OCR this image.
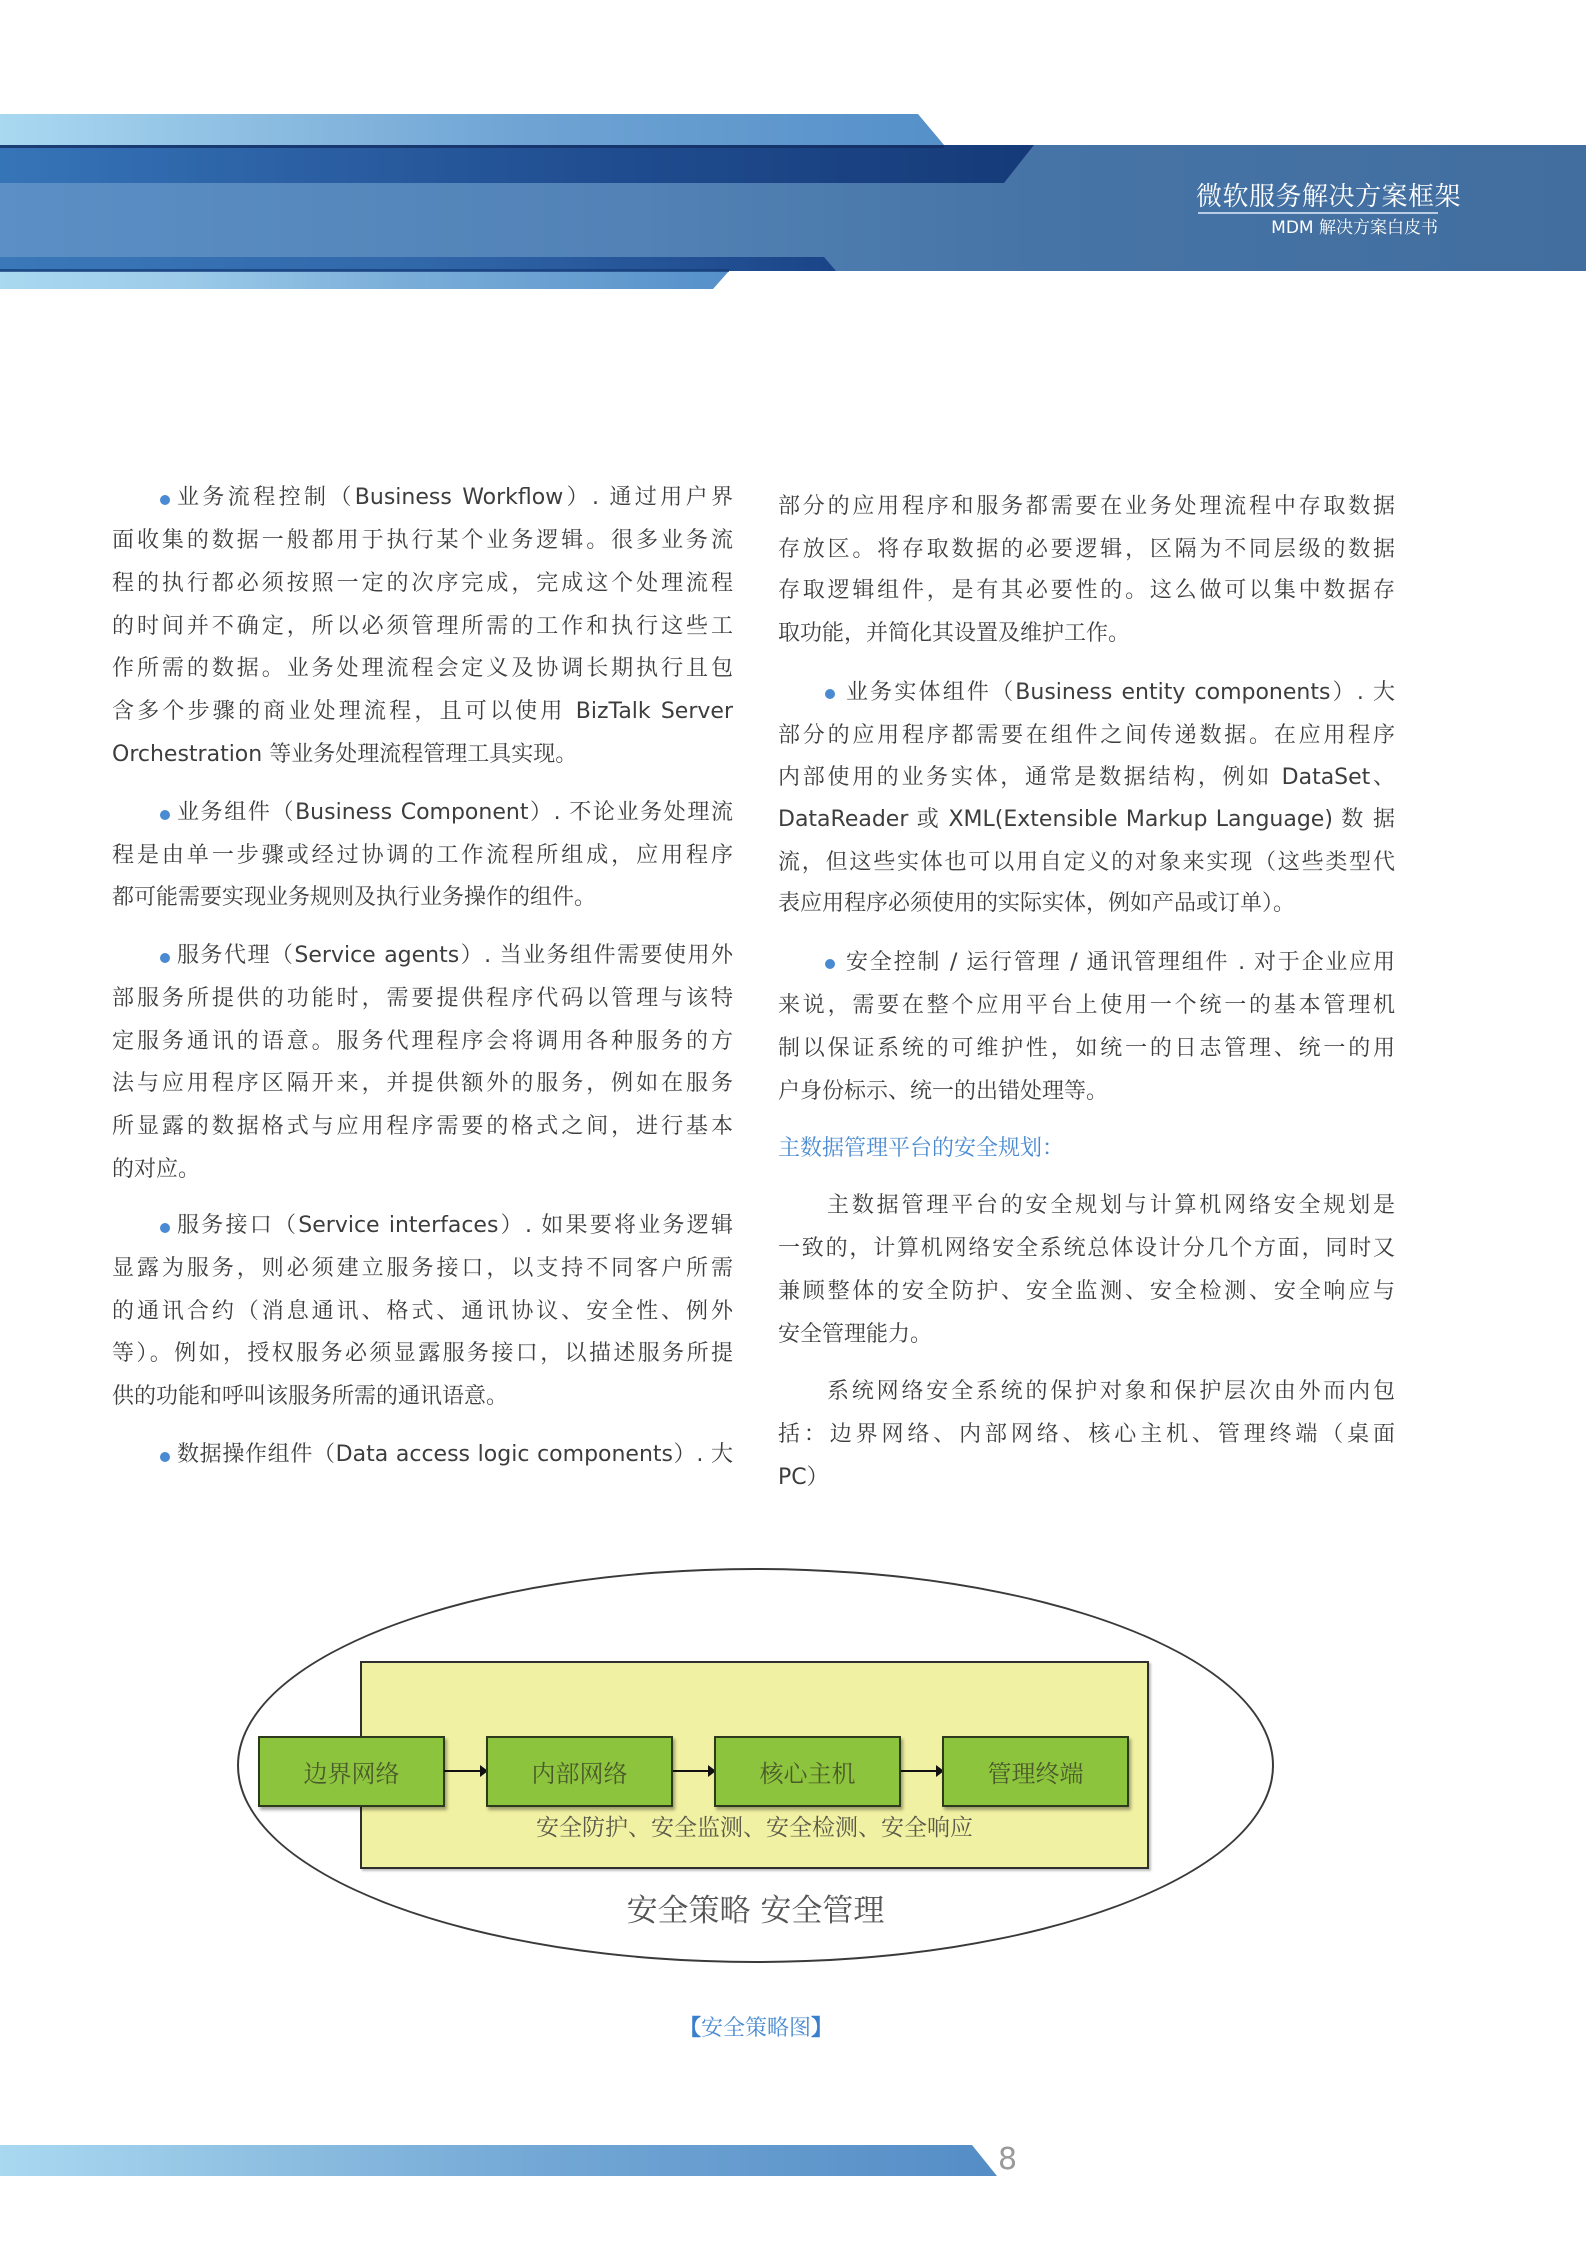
微软服务解决方案框架
MDM 解决方案白皮书
业务流程控制（Business Workflow）. 通过用户界
面收集的数据一般都用于执行某个业务逻辑。很多业务流
程的执行都必须按照一定的次序完成，完成这个处理流程
的时间并不确定，所以必须管理所需的工作和执行这些工
作所需的数据。业务处理流程会定义及协调长期执行且包
含多个步骤的商业处理流程，且可以使用 BizTalk Server
Orchestration 等业务处理流程管理工具实现。
业务组件（Business Component）. 不论业务处理流
程是由单一步骤或经过协调的工作流程所组成，应用程序
都可能需要实现业务规则及执行业务操作的组件。
服务代理（Service agents）. 当业务组件需要使用外
部服务所提供的功能时，需要提供程序代码以管理与该特
定服务通讯的语意。服务代理程序会将调用各种服务的方
法与应用程序区隔开来，并提供额外的服务，例如在服务
所显露的数据格式与应用程序需要的格式之间，进行基本
的对应。
服务接口（Service interfaces）. 如果要将业务逻辑
显露为服务，则必须建立服务接口，以支持不同客户所需
的通讯合约（消息通讯、格式、通讯协议、安全性、例外
等）。例如，授权服务必须显露服务接口，以描述服务所提
供的功能和呼叫该服务所需的通讯语意。
数据操作组件（Data access logic components）. 大
部分的应用程序和服务都需要在业务处理流程中存取数据
存放区。将存取数据的必要逻辑，区隔为不同层级的数据
存取逻辑组件，是有其必要性的。这么做可以集中数据存
取功能，并简化其设置及维护工作。
业务实体组件（Business entity components）. 大
部分的应用程序都需要在组件之间传递数据。在应用程序
内部使用的业务实体，通常是数据结构，例如 DataSet、
DataReader 或 XML(Extensible Markup Language) 数 据
流，但这些实体也可以用自定义的对象来实现（这些类型代
表应用程序必须使用的实际实体，例如产品或订单）。
安全控制 / 运行管理 / 通讯管理组件 . 对于企业应用
来说，需要在整个应用平台上使用一个统一的基本管理机
制以保证系统的可维护性，如统一的日志管理、统一的用
户身份标示、统一的出错处理等。
主数据管理平台的安全规划：
主数据管理平台的安全规划与计算机网络安全规划是
一致的，计算机网络安全系统总体设计分几个方面，同时又
兼顾整体的安全防护、安全监测、安全检测、安全响应与
安全管理能力。
系统网络安全系统的保护对象和保护层次由外而内包
括：边界网络、内部网络、核心主机、管理终端（桌面
PC）
边界网络	内部网络	核心主机	管理终端
安全防护、安全监测、安全检测、安全响应
安全策略 安全管理
【安全策略图】
8
